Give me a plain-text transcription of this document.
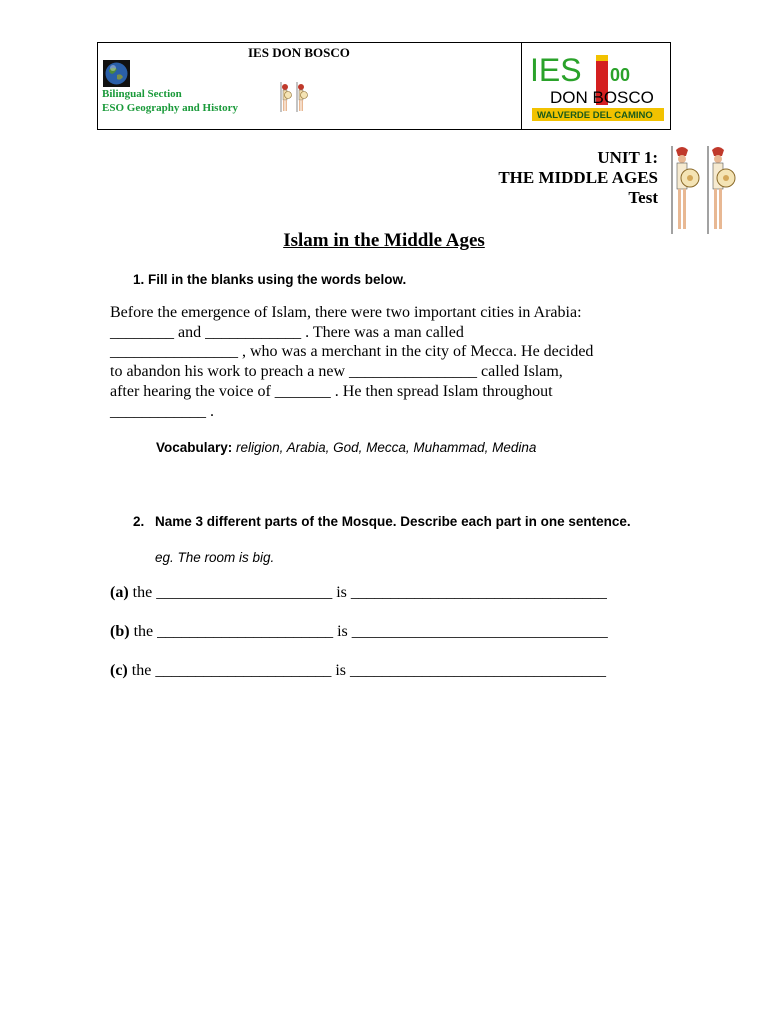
IES DON BOSCO
Bilingual Section
ESO Geography and History
IES 00
DON BOSCO
WALVERDE DEL CAMINO
UNIT 1:
THE MIDDLE AGES
Test
Islam in the Middle Ages
1. Fill in the blanks using the words below.
Before the emergence of Islam, there were two important cities in Arabia:
________ and ____________ . There was a man called
________________ , who was a merchant in the city of Mecca. He decided
to abandon his work to preach a new ________________ called Islam,
after hearing the voice of _______ . He then spread Islam throughout
____________ .
Vocabulary: religion, Arabia, God, Mecca, Muhammad, Medina
2. Name 3 different parts of the Mosque. Describe each part in one sentence.
eg. The room is big.
(a) the ______________________ is ________________________________
(b) the ______________________ is ________________________________
(c) the ______________________ is ________________________________
